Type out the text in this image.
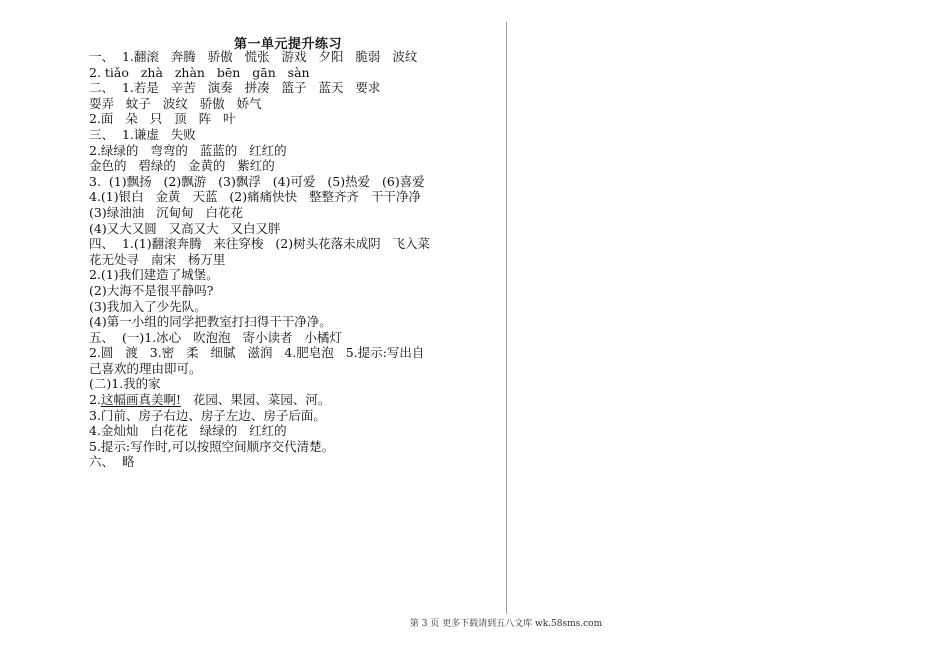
第一单元提升练习
一、  1.翻滚   奔腾   骄傲   慌张   游戏   夕阳   脆弱   波纹
2. tiǎo   zhà   zhàn   bēn   gān   sàn
二、  1.若是   辛苦   演奏   拼凑   篮子   蓝天   要求
耍弄   蚊子   波纹   骄傲   娇气
2.面   朵   只   顶   阵   叶
三、  1.谦虚   失败
2.绿绿的   弯弯的   蓝蓝的   红红的
金色的   碧绿的   金黄的   紫红的
3.  (1)飘扬   (2)飘游   (3)飘浮   (4)可爱   (5)热爱   (6)喜爱
4.(1)银白   金黄   天蓝   (2)痛痛快快   整整齐齐   干干净净
(3)绿油油   沉甸甸   白花花
(4)又大又圆   又高又大   又白又胖
四、  1.(1)翻滚奔腾   来往穿梭   (2)树头花落未成阴   飞入菜
花无处寻   南宋   杨万里
2.(1)我们建造了城堡。
(2)大海不是很平静吗?
(3)我加入了少先队。
(4)第一小组的同学把教室打扫得干干净净。
五、  (一)1.冰心   吹泡泡   寄小读者   小橘灯
2.圆   渡   3.密   柔   细腻   滋润   4.肥皂泡   5.提示:写出自
己喜欢的理由即可。
(二)1.我的家
2.这幅画真美啊!   花园、果园、菜园、河。
3.门前、房子右边、房子左边、房子后面。
4.金灿灿   白花花   绿绿的   红红的
5.提示:写作时,可以按照空间顺序交代清楚。
六、  略
第 3 页 更多下载请到五八文库 wk.58sms.com
